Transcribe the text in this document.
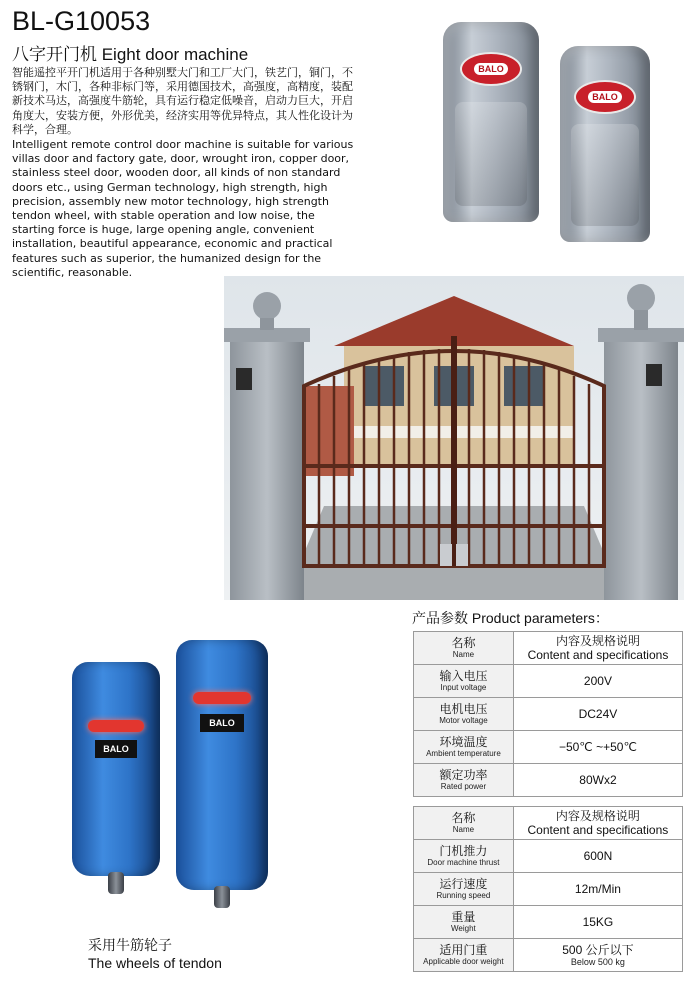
BL-G10053
八字开门机 Eight door machine

智能遥控平开门机适用于各种别墅大门和工厂大门，铁艺门，铜门，不锈钢门，木门，各种非标门等，采用德国技术，高强度，高精度，装配新技术马达，高强度牛筋轮，具有运行稳定低噪音，启动力巨大，开启角度大，安装方便，外形优美，经济实用等优异特点，其人性化设计为科学，合理。

Intelligent remote control door machine is suitable for various villas door and factory gate, door, wrought iron, copper door, stainless steel door, wooden door, all kinds of non standard doors etc., using German technology, high strength, high precision, assembly new motor technology, high strength tendon wheel, with stable operation and low noise, the starting force is huge, large opening angle, convenient installation, beautiful appearance, economic and practical features such as superior, the humanized design for the scientific, reasonable.

BALO
BALO
BALO
BALO
采用牛筋轮子
The wheels of tendon
产品参数 Product parameters：
名称
Name	内容及规格说明
Content and specifications

输入电压
Input voltage	200V

电机电压
Motor voltage	DC24V

环境温度
Ambient temperature	−50℃ ~+50℃

额定功率
Rated power	80Wx2
名称
Name	内容及规格说明
Content and specifications

门机推力
Door machine thrust	600N

运行速度
Running speed	12m/Min

重量
Weight	15KG

适用门重
Applicable door weight	500 公斤以下
Below 500 kg
